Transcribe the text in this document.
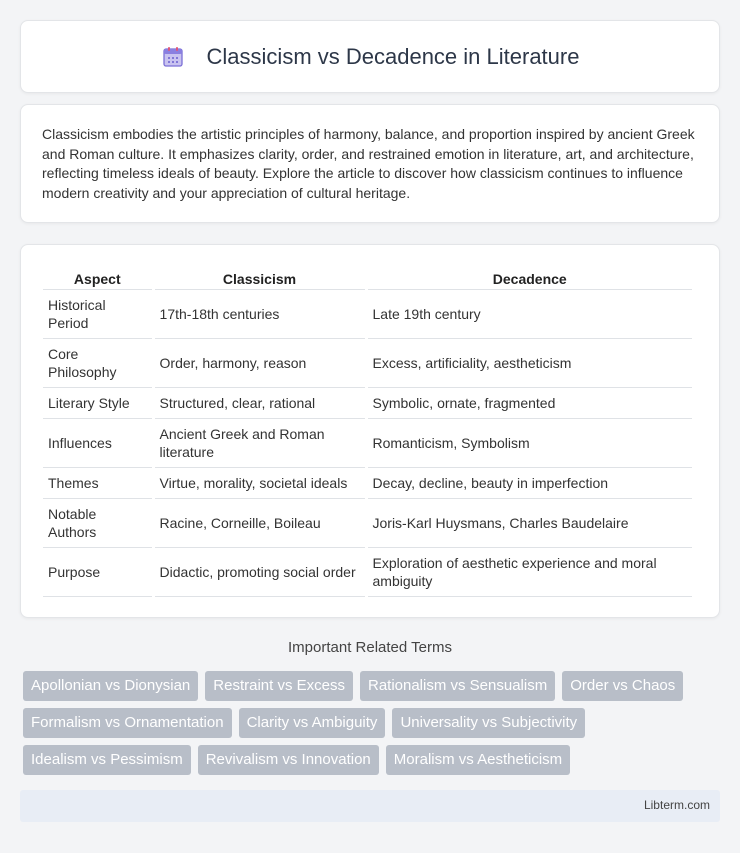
Classicism vs Decadence in Literature

Classicism embodies the artistic principles of harmony, balance, and proportion inspired by ancient Greek and Roman culture. It emphasizes clarity, order, and restrained emotion in literature, art, and architecture, reflecting timeless ideals of beauty. Explore the article to discover how classicism continues to influence modern creativity and your appreciation of cultural heritage.

Aspect	Classicism	Decadence
Historical Period	17th-18th centuries	Late 19th century
Core Philosophy	Order, harmony, reason	Excess, artificiality, aestheticism
Literary Style	Structured, clear, rational	Symbolic, ornate, fragmented
Influences	Ancient Greek and Roman literature	Romanticism, Symbolism
Themes	Virtue, morality, societal ideals	Decay, decline, beauty in imperfection
Notable Authors	Racine, Corneille, Boileau	Joris-Karl Huysmans, Charles Baudelaire
Purpose	Didactic, promoting social order	Exploration of aesthetic experience and moral ambiguity
Important Related Terms
Apollonian vs Dionysian	Restraint vs Excess	Rationalism vs Sensualism	Order vs Chaos
Formalism vs Ornamentation	Clarity vs Ambiguity	Universality vs Subjectivity
Idealism vs Pessimism	Revivalism vs Innovation	Moralism vs Aestheticism
Libterm.com
